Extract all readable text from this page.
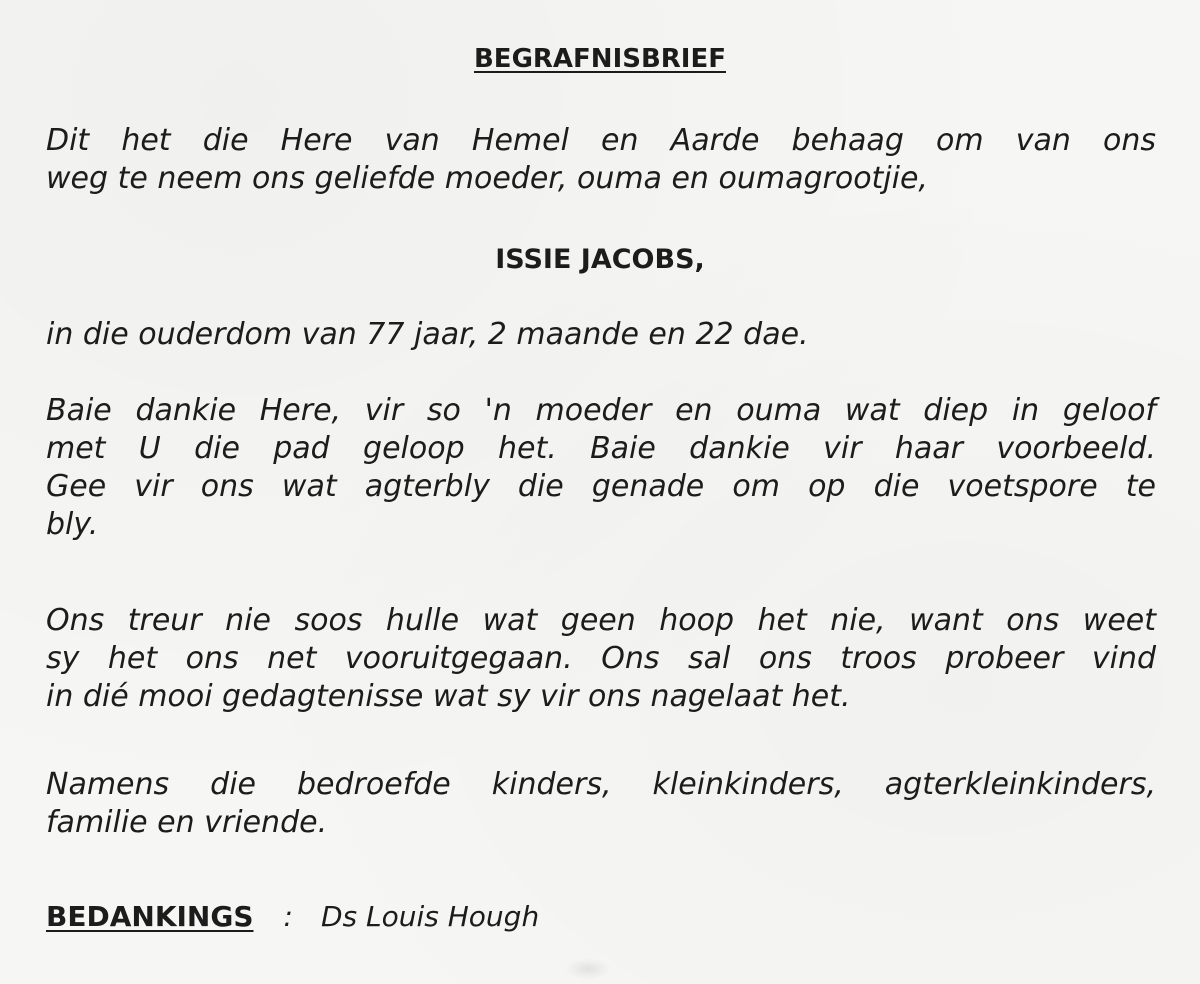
BEGRAFNISBRIEF
Dit het die Here van Hemel en Aarde behaag om van ons
weg te neem ons geliefde moeder, ouma en oumagrootjie,
ISSIE JACOBS,
in die ouderdom van 77 jaar, 2 maande en 22 dae.
Baie dankie Here, vir so 'n moeder en ouma wat diep in geloof
met U die pad geloop het. Baie dankie vir haar voorbeeld.
Gee vir ons wat agterbly die genade om op die voetspore te
bly.
Ons treur nie soos hulle wat geen hoop het nie, want ons weet
sy het ons net vooruitgegaan. Ons sal ons troos probeer vind
in dié mooi gedagtenisse wat sy vir ons nagelaat het.
Namens die bedroefde kinders, kleinkinders, agterkleinkinders,
familie en vriende.
BEDANKINGS : Ds Louis Hough
